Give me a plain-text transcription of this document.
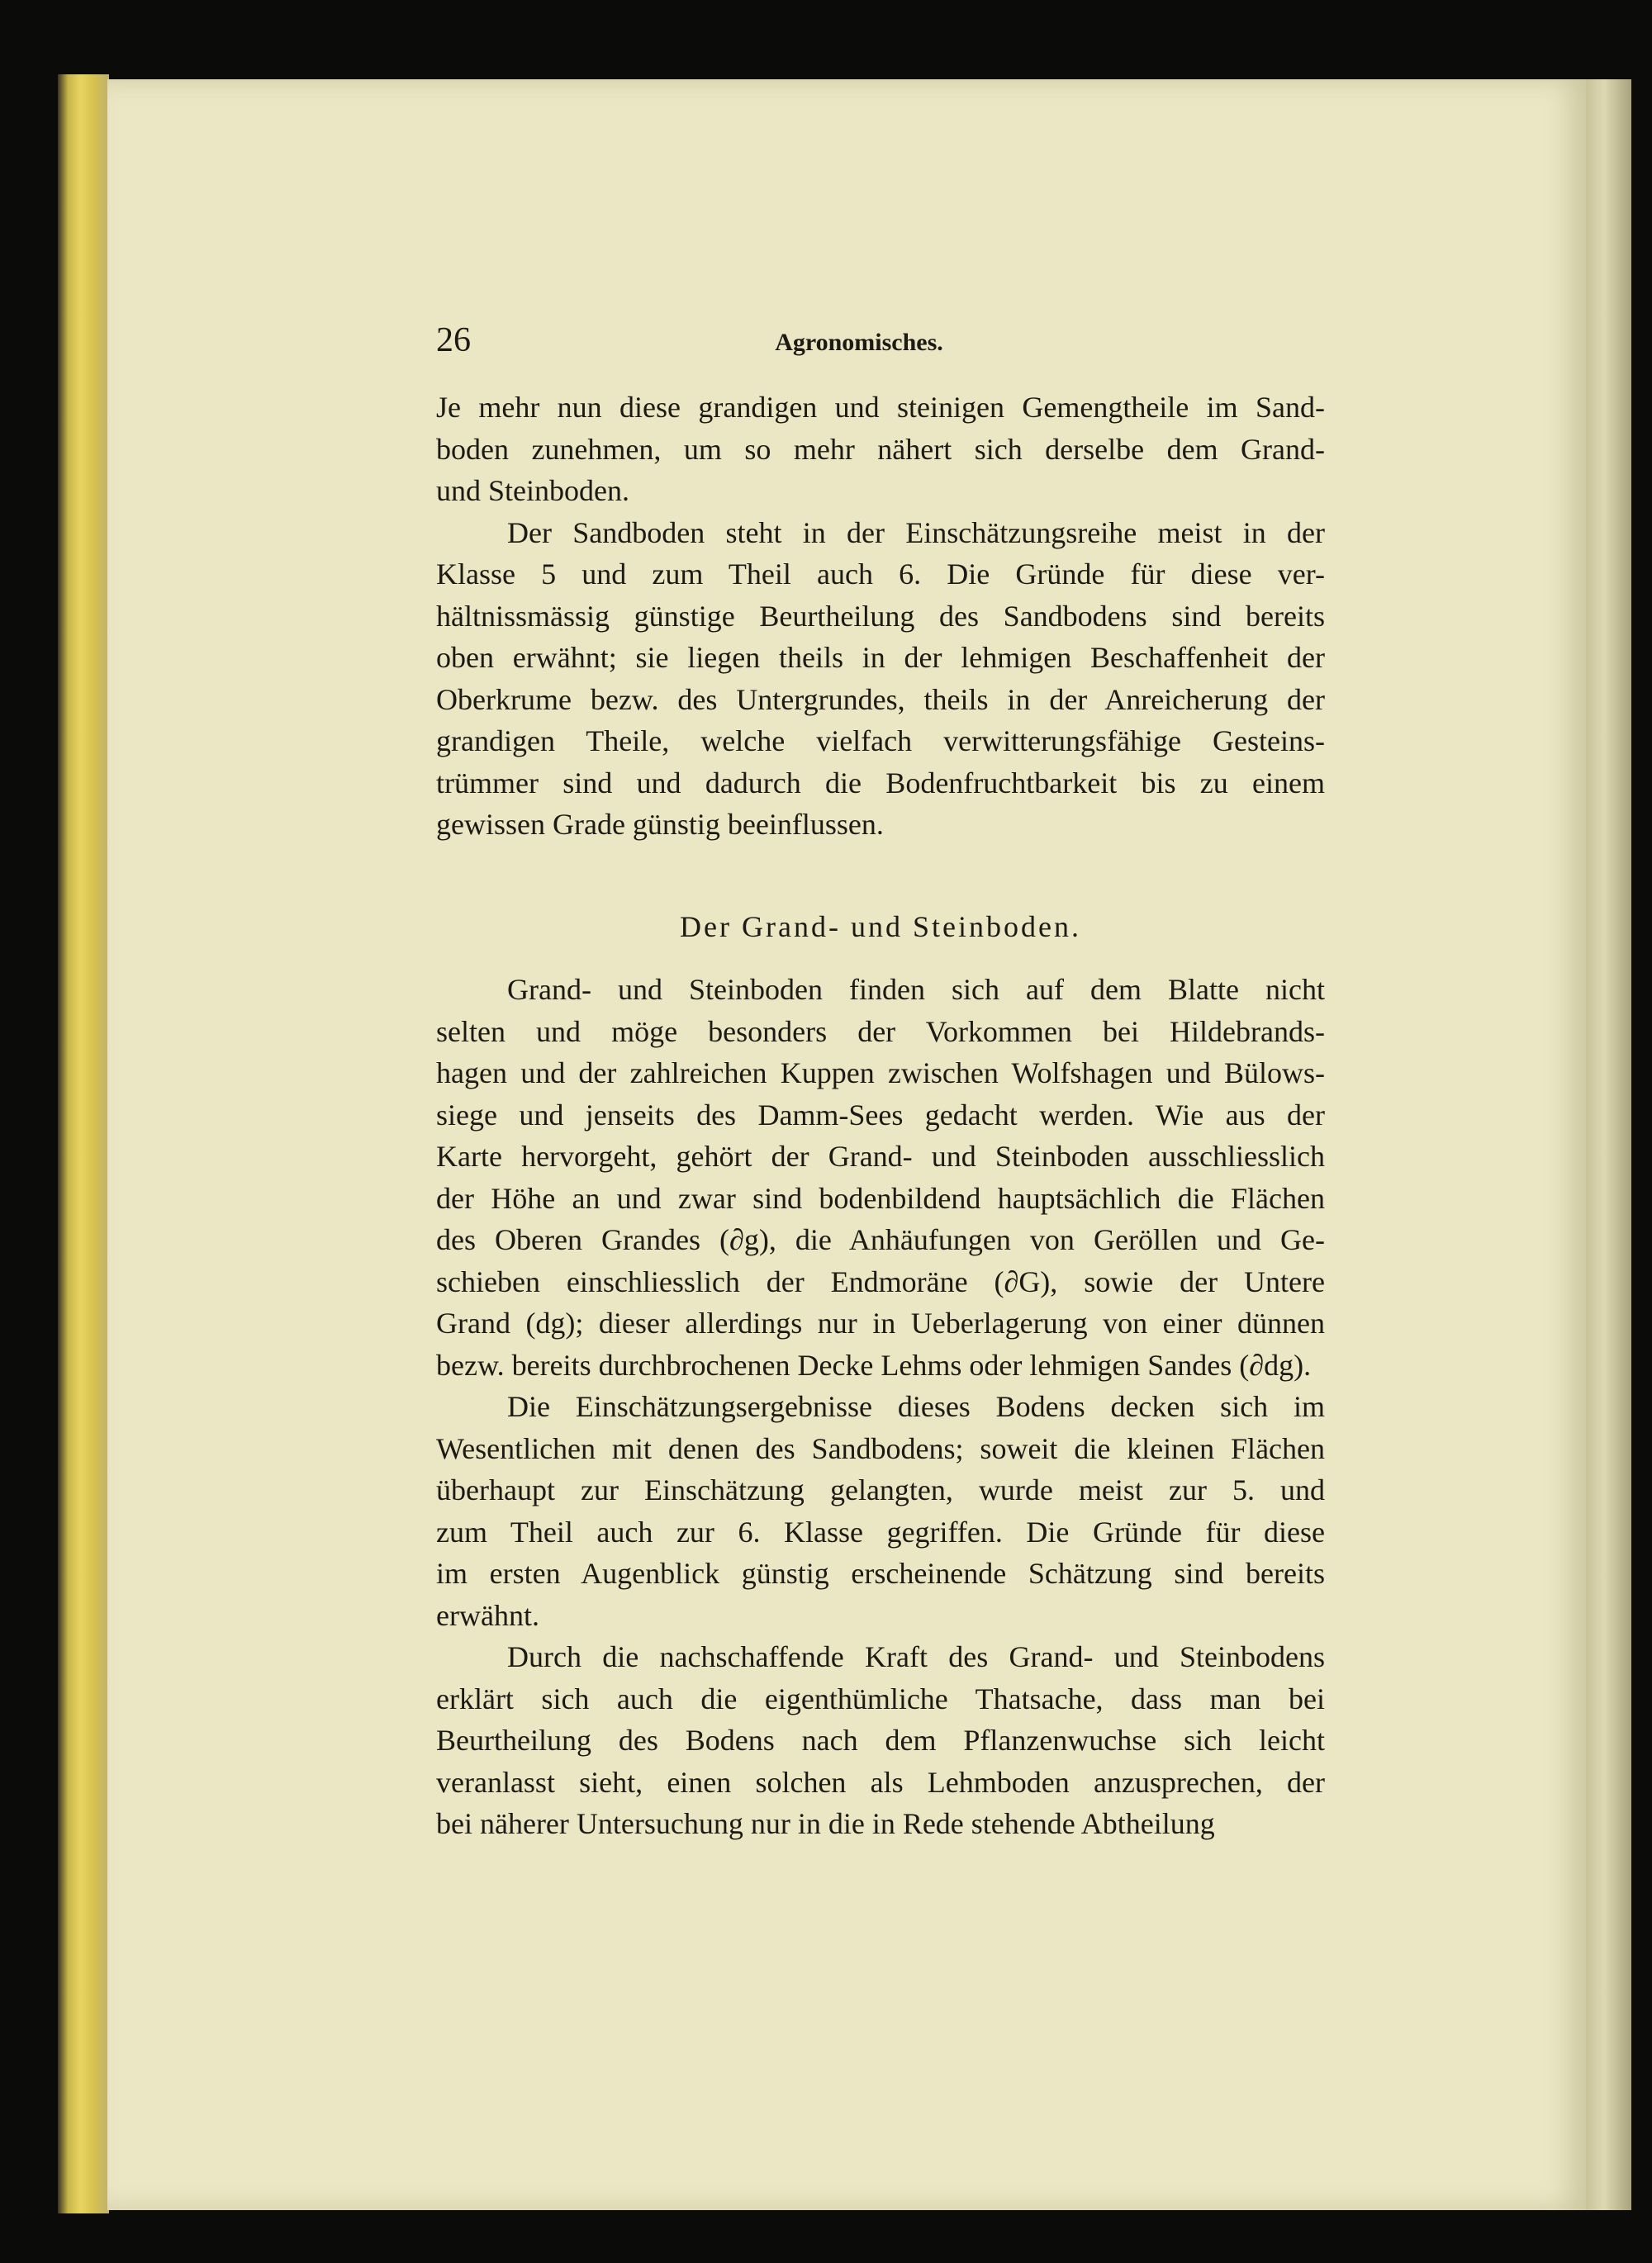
26	Agronomisches.
Je mehr nun diese grandigen und steinigen Gemengtheile im Sand-
boden zunehmen, um so mehr nähert sich derselbe dem Grand-
und Steinboden.
Der Sandboden steht in der Einschätzungsreihe meist in der
Klasse 5 und zum Theil auch 6. Die Gründe für diese ver-
hältnissmässig günstige Beurtheilung des Sandbodens sind bereits
oben erwähnt; sie liegen theils in der lehmigen Beschaffenheit der
Oberkrume bezw. des Untergrundes, theils in der Anreicherung der
grandigen Theile, welche vielfach verwitterungsfähige Gesteins-
trümmer sind und dadurch die Bodenfruchtbarkeit bis zu einem
gewissen Grade günstig beeinflussen.
Der Grand- und Steinboden.
Grand- und Steinboden finden sich auf dem Blatte nicht
selten und möge besonders der Vorkommen bei Hildebrands-
hagen und der zahlreichen Kuppen zwischen Wolfshagen und Bülows-
siege und jenseits des Damm-Sees gedacht werden. Wie aus der
Karte hervorgeht, gehört der Grand- und Steinboden ausschliesslich
der Höhe an und zwar sind bodenbildend hauptsächlich die Flächen
des Oberen Grandes (∂g), die Anhäufungen von Geröllen und Ge-
schieben einschliesslich der Endmoräne (∂G), sowie der Untere
Grand (dg); dieser allerdings nur in Ueberlagerung von einer dünnen
bezw. bereits durchbrochenen Decke Lehms oder lehmigen Sandes (∂dg).
Die Einschätzungsergebnisse dieses Bodens decken sich im
Wesentlichen mit denen des Sandbodens; soweit die kleinen Flächen
überhaupt zur Einschätzung gelangten, wurde meist zur 5. und
zum Theil auch zur 6. Klasse gegriffen. Die Gründe für diese
im ersten Augenblick günstig erscheinende Schätzung sind bereits
erwähnt.
Durch die nachschaffende Kraft des Grand- und Steinbodens
erklärt sich auch die eigenthümliche Thatsache, dass man bei
Beurtheilung des Bodens nach dem Pflanzenwuchse sich leicht
veranlasst sieht, einen solchen als Lehmboden anzusprechen, der
bei näherer Untersuchung nur in die in Rede stehende Abtheilung
